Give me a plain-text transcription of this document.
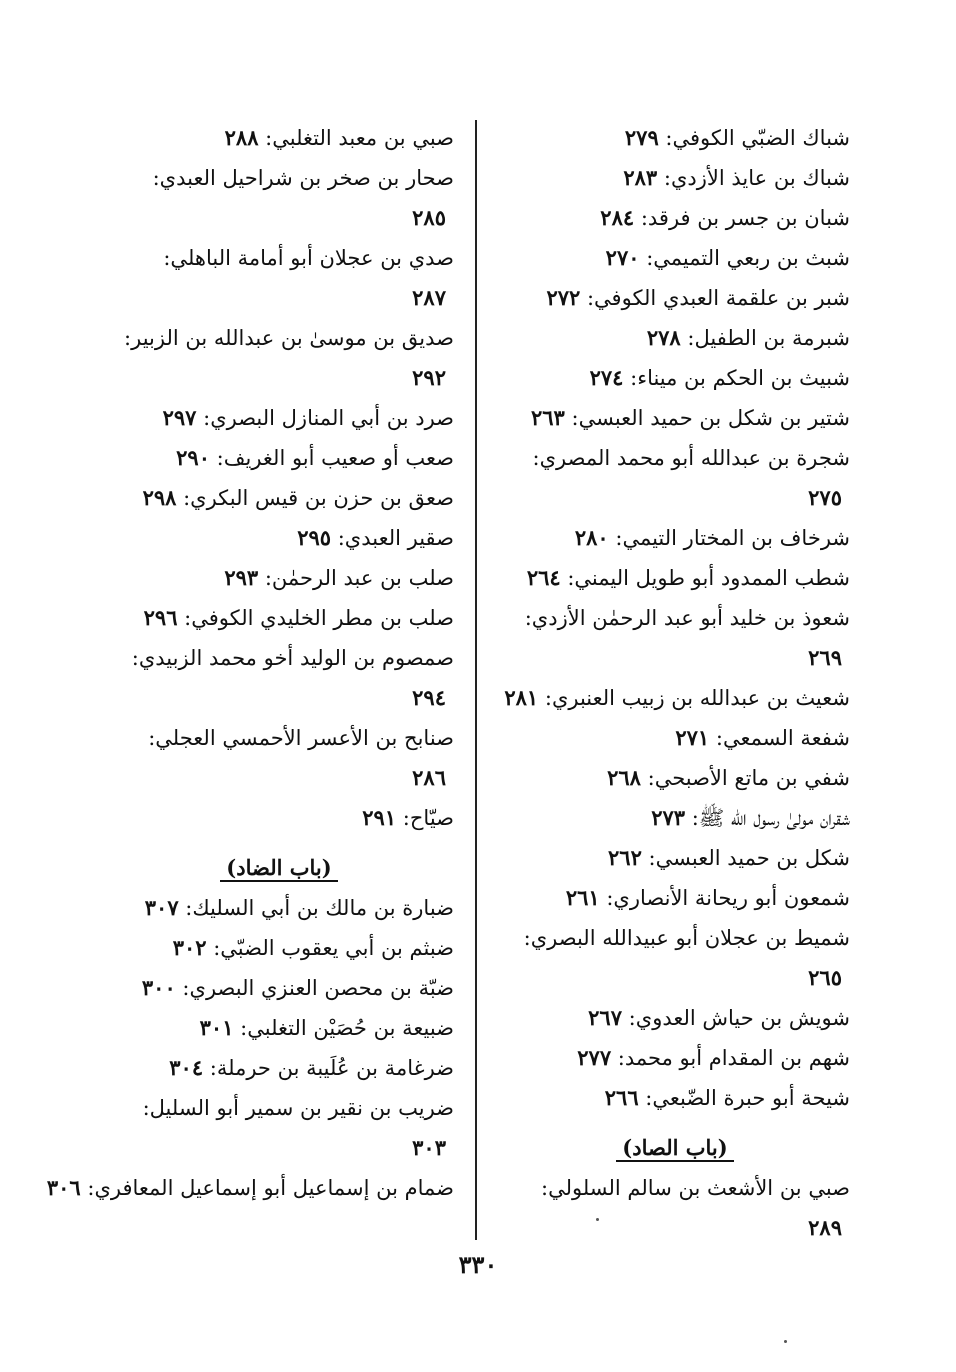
شباك الضبّي الكوفي: ٢٧٩
شباك بن عايذ الأزدي: ٢٨٣
شبان بن جسر بن فرقد: ٢٨٤
شبث بن ربعي التميمي: ٢٧٠
شبر بن علقمة العبدي الكوفي: ٢٧٢
شبرمة بن الطفيل: ٢٧٨
شبيث بن الحكم بن ميناء: ٢٧٤
شتير بن شكل بن حميد العبسي: ٢٦٣
شجرة بن عبدالله أبو محمد المصري:
٢٧٥
شرخاف بن المختار التيمي: ٢٨٠
شطب الممدود أبو طويل اليمني: ٢٦٤
شعوذ بن خليد أبو عبد الرحمٰن الأزدي:
٢٦٩
شعيث بن عبدالله بن زبيب العنبري: ٢٨١
شفعة السمعي: ٢٧١
شفي بن ماتع الأصبحي: ٢٦٨
شقران مولىٰ رسول الله ﷺ: ٢٧٣
شكل بن حميد العبسي: ٢٦٢
شمعون أبو ريحانة الأنصاري: ٢٦١
شميط بن عجلان أبو عبيدالله البصري:
٢٦٥
شويش بن حياش العدوي: ٢٦٧
شهم بن المقدام أبو محمد: ٢٧٧
شيحة أبو حبرة الضّبعي: ٢٦٦
(باب الصاد)
صبي بن الأشعث بن سالم السلولي:
٢٨٩
صبي بن معبد التغلبي: ٢٨٨
صحار بن صخر بن شراحيل العبدي:
٢٨٥
صدي بن عجلان أبو أمامة الباهلي:
٢٨٧
صديق بن موسىٰ بن عبدالله بن الزبير:
٢٩٢
صرد بن أبي المنازل البصري: ٢٩٧
صعب أو صعيب أبو الغريف: ٢٩٠
صعق بن حزن بن قيس البكري: ٢٩٨
صقير العبدي: ٢٩٥
صلب بن عبد الرحمٰن: ٢٩٣
صلب بن مطر الخليدي الكوفي: ٢٩٦
صمصوم بن الوليد أخو محمد الزبيدي:
٢٩٤
صنابح بن الأعسر الأحمسي العجلي:
٢٨٦
صيّاح: ٢٩١
(باب الضاد)
ضبارة بن مالك بن أبي السليك: ٣٠٧
ضبثم بن أبي يعقوب الضبّي: ٣٠٢
ضبّة بن محصن العنزي البصري: ٣٠٠
ضبيعة بن حُصَيْن التغلبي: ٣٠١
ضرغامة بن عُلَيبة بن حرملة: ٣٠٤
ضريب بن نقير بن سمير أبو السليل:
٣٠٣
ضمام بن إسماعيل أبو إسماعيل المعافري: ٣٠٦
٣٣٠
